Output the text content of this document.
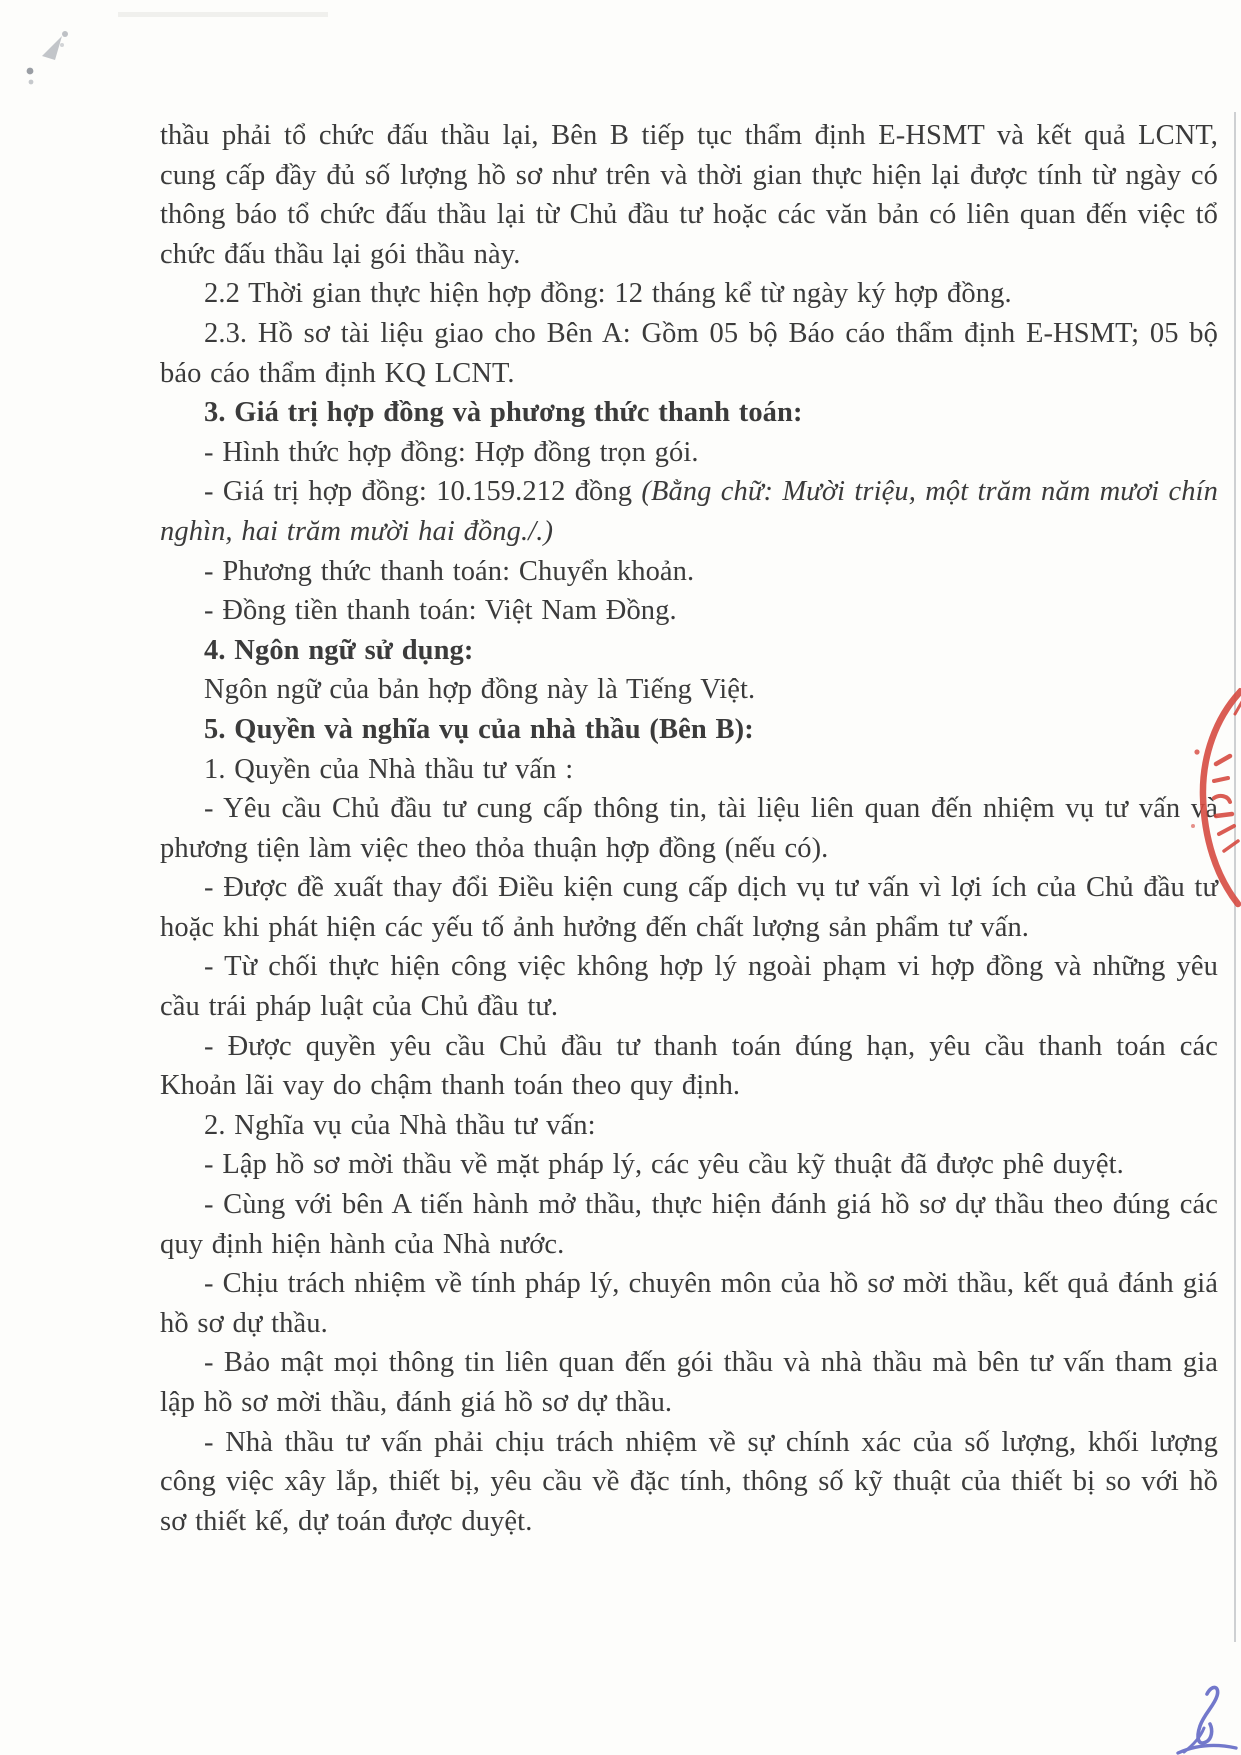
thầu phải tổ chức đấu thầu lại, Bên B tiếp tục thẩm định E-HSMT và kết quả LCNT, cung cấp đầy đủ số lượng hồ sơ như trên và thời gian thực hiện lại được tính từ ngày có thông báo tổ chức đấu thầu lại từ Chủ đầu tư hoặc các văn bản có liên quan đến việc tổ chức đấu thầu lại gói thầu này.
2.2 Thời gian thực hiện hợp đồng: 12 tháng kể từ ngày ký hợp đồng.
2.3. Hồ sơ tài liệu giao cho Bên A: Gồm 05 bộ Báo cáo thẩm định E-HSMT; 05 bộ báo cáo thẩm định KQ LCNT.
3. Giá trị hợp đồng và phương thức thanh toán:
- Hình thức hợp đồng: Hợp đồng trọn gói.
- Giá trị hợp đồng: 10.159.212 đồng (Bằng chữ: Mười triệu, một trăm năm mươi chín nghìn, hai trăm mười hai đồng./.)
- Phương thức thanh toán: Chuyển khoản.
- Đồng tiền thanh toán: Việt Nam Đồng.
4. Ngôn ngữ sử dụng:
Ngôn ngữ của bản hợp đồng này là Tiếng Việt.
5. Quyền và nghĩa vụ của nhà thầu (Bên B):
1. Quyền của Nhà thầu tư vấn :
- Yêu cầu Chủ đầu tư cung cấp thông tin, tài liệu liên quan đến nhiệm vụ tư vấn và phương tiện làm việc theo thỏa thuận hợp đồng (nếu có).
- Được đề xuất thay đổi Điều kiện cung cấp dịch vụ tư vấn vì lợi ích của Chủ đầu tư hoặc khi phát hiện các yếu tố ảnh hưởng đến chất lượng sản phẩm tư vấn.
- Từ chối thực hiện công việc không hợp lý ngoài phạm vi hợp đồng và những yêu cầu trái pháp luật của Chủ đầu tư.
- Được quyền yêu cầu Chủ đầu tư thanh toán đúng hạn, yêu cầu thanh toán các Khoản lãi vay do chậm thanh toán theo quy định.
2. Nghĩa vụ của Nhà thầu tư vấn:
- Lập hồ sơ mời thầu về mặt pháp lý, các yêu cầu kỹ thuật đã được phê duyệt.
- Cùng với bên A tiến hành mở thầu, thực hiện đánh giá hồ sơ dự thầu theo đúng các quy định hiện hành của Nhà nước.
- Chịu trách nhiệm về tính pháp lý, chuyên môn của hồ sơ mời thầu, kết quả đánh giá hồ sơ dự thầu.
- Bảo mật mọi thông tin liên quan đến gói thầu và nhà thầu mà bên tư vấn tham gia lập hồ sơ mời thầu, đánh giá hồ sơ dự thầu.
- Nhà thầu tư vấn phải chịu trách nhiệm về sự chính xác của số lượng, khối lượng công việc xây lắp, thiết bị, yêu cầu về đặc tính, thông số kỹ thuật của thiết bị so với hồ sơ thiết kế, dự toán được duyệt.
